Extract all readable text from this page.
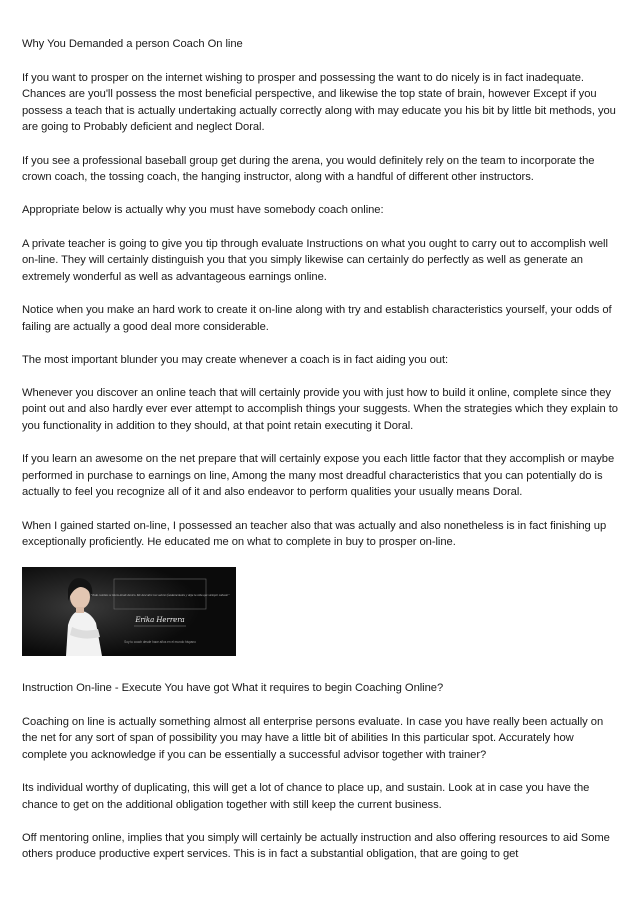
Why You Demanded a person Coach On line
If you want to prosper on the internet wishing to prosper and possessing the want to do nicely is in fact inadequate. Chances are you'll possess the most beneficial perspective, and likewise the top state of brain, however Except if you possess a teach that is actually undertaking actually correctly along with may educate you his bit by little bit methods, you are going to Probably deficient and neglect Doral.
If you see a professional baseball group get during the arena, you would definitely rely on the team to incorporate the crown coach, the tossing coach, the hanging instructor, along with a handful of different other instructors.
Appropriate below is actually why you must have somebody coach online:
A private teacher is going to give you tip through evaluate Instructions on what you ought to carry out to accomplish well on-line. They will certainly distinguish you that you simply likewise can certainly do perfectly as well as generate an extremely wonderful as well as advantageous earnings online.
Notice when you make an hard work to create it on-line along with try and establish characteristics yourself, your odds of failing are actually a good deal more considerable.
The most important blunder you may create whenever a coach is in fact aiding you out:
Whenever you discover an online teach that will certainly provide you with just how to build it online, complete since they point out and also hardly ever ever attempt to accomplish things your suggests. When the strategies which they explain to you functionality in addition to they should, at that point retain executing it Doral.
If you learn an awesome on the net prepare that will certainly expose you each little factor that they accomplish or maybe performed in purchase to earnings on line, Among the many most dreadful characteristics that you can potentially do is actually to feel you recognize all of it and also endeavor to perform qualities your usually means Doral.
When I gained started on-line, I possessed an teacher also that was actually and also nonetheless is in fact finishing up exceptionally proficiently. He educated me on what to complete in buy to prosper on-line.
"Todo cambia se inicia desde dentro. Me descubre tus valores fundamentales y deja la vida que siempre soñaste"
Erika Herrera
Soy tu coach desde hace años en el mundo hispano
Instruction On-line - Execute You have got What it requires to begin Coaching Online?
Coaching on line is actually something almost all enterprise persons evaluate. In case you have really been actually on the net for any sort of span of possibility you may have a little bit of abilities In this particular spot. Accurately how complete you acknowledge if you can be essentially a successful advisor together with trainer?
Its individual worthy of duplicating, this will get a lot of chance to place up, and sustain. Look at in case you have the chance to get on the additional obligation together with still keep the current business.
Off mentoring online, implies that you simply will certainly be actually instruction and also offering resources to aid Some others produce productive expert services. This is in fact a substantial obligation, that are going to get
